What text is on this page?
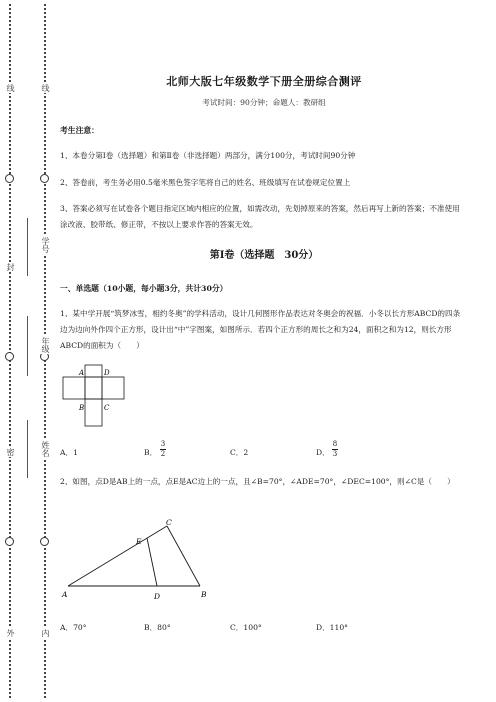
线
封
密
外
线
学号
年级
姓名
内
北师大版七年级数学下册全册综合测评
考试时间：90分钟；命题人：教研组
考生注意：
1、本卷分第Ⅰ卷（选择题）和第Ⅱ卷（非选择题）两部分，满分100分，考试时间90分钟
2、答卷前，考生务必用0.5毫米黑色签字笔将自己的姓名、班级填写在试卷规定位置上
3、答案必须写在试卷各个题目指定区域内相应的位置，如需改动，先划掉原来的答案，然后再写上新的答案；不准使用涂改液、胶带纸、修正带，不按以上要求作答的答案无效。
第Ⅰ卷（选择题　30分）
一、单选题（10小题，每小题3分，共计30分）
1、某中学开展“筑梦冰雪，相约冬奥”的学科活动，设计几何图形作品表达对冬奥会的祝福．小冬以长方形ABCD的四条边为边向外作四个正方形，设计出“中”字图案，如图所示．若四个正方形的周长之和为24，面积之和为12，则长方形ABCD的面积为（　　）
A	D
B	C
A．1	B．
3
2	C．2	D．
8
3
2、如图，点D是AB上的一点，点E是AC边上的一点，且∠B=70°，∠ADE=70°，∠DEC=100°，则∠C是（　　）
A	B
C
D
E
A．70°	B．80°	C．100°	D．110°
